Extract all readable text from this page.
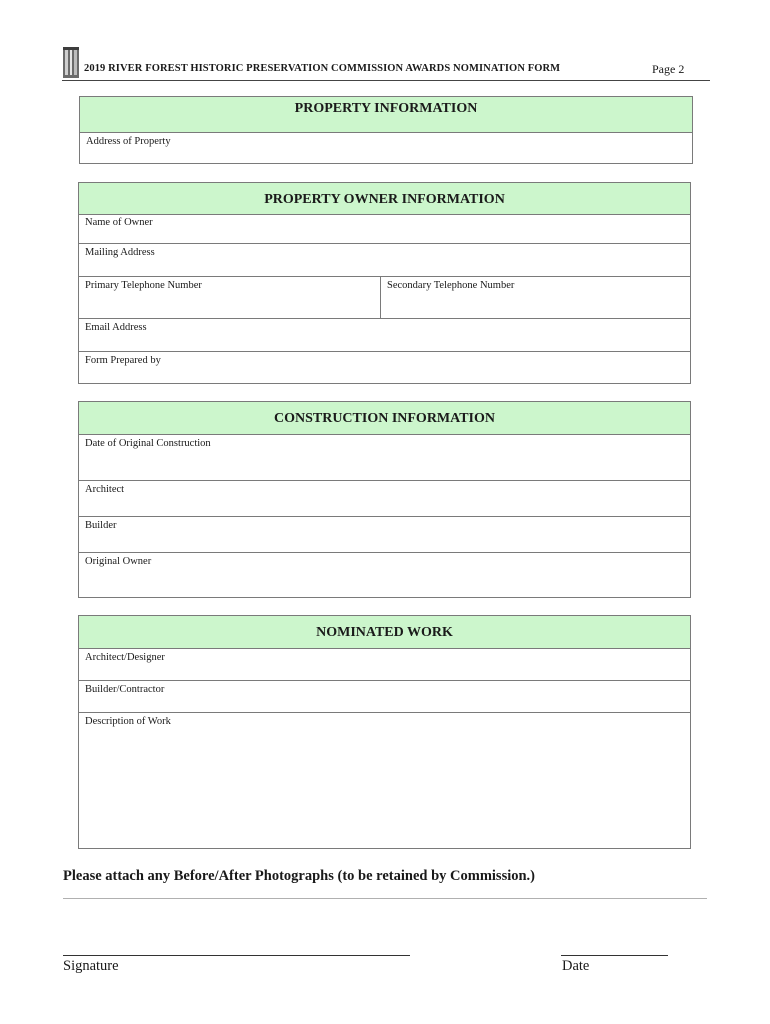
2019 RIVER FOREST HISTORIC PRESERVATION COMMISSION AWARDS NOMINATION FORM	Page 2
PROPERTY INFORMATION
Address of Property
PROPERTY OWNER INFORMATION
Name of Owner
Mailing Address
Primary Telephone Number	Secondary Telephone Number
Email Address
Form Prepared by
CONSTRUCTION INFORMATION
Date of Original Construction
Architect
Builder
Original Owner
NOMINATED WORK
Architect/Designer
Builder/Contractor
Description of Work
Please attach any Before/After Photographs (to be retained by Commission.)
Signature	Date
